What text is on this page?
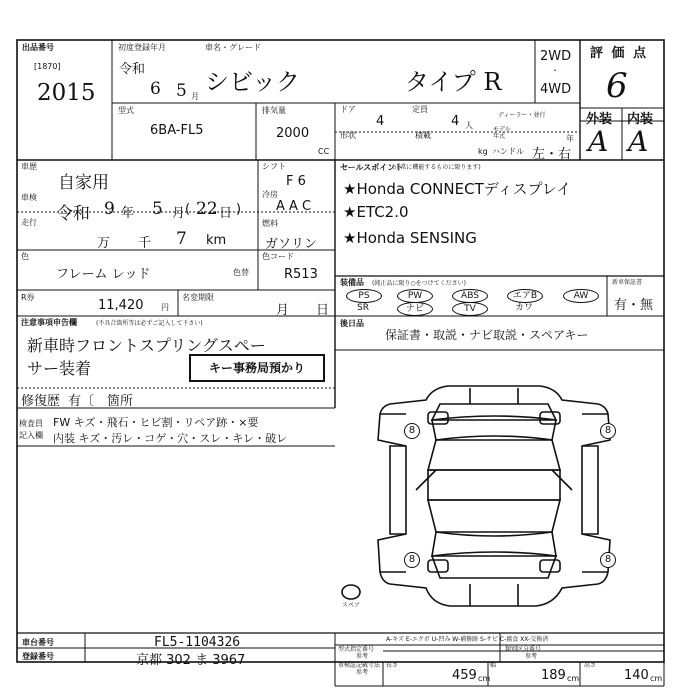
出品番号
[1870]
2015
初度登録年月	車名・グレード
令和
6 5 月
シビック	タイプ R
2WD
・
4WD
評 価 点
6
型式
6BA-FL5
排気量
2000
CC
ドア
4
定員
4 人
ディーラー・並行
形状	積載
kg
モデル年式	年
ハンドル 左・右
外装 内装
A A
車歴
自家用
車検
令和 9 年 5 月 ( 22 日 )
走行
万 千 7 km
シフト
F 6
冷房
A A C
燃料
ガソリン
色
フレーム レッド	色替
色コード
R513
R券
11,420 円
名変期限
月 日
注意事項申告欄	(不具合箇所等は必ずご記入して下さい)
新車時フロントスプリングスペー
サー装着	キー事務局預かり
修復歴 有〔 箇所
検査員
記入欄
FW キズ・飛石・ヒビ割・リペア跡・×要
内装 キズ・汚レ・コゲ・穴・スレ・キレ・破レ
セールスポイント
(正常に機能するものに限ります)
★Honda CONNECTディスプレイ
★ETC2.0
★Honda SENSING
装備品 (純正品に限り○をつけてください)
PS	PW	ABS	エアB	AW
SR	ナビ	TV	カワ
新車保証書
有・無
後日品
保証書・取説・ナビ取説・スペアキー
8	8
8	8
スペア
A-キズ E-エクボ U-凹み W-補修跡 S-サビ C-腐食 XX-交換済
車台番号	FL5-1104326
登録番号	京都 302 ま 3967
型式指定番号
参考
類別区分番号
参考
車検証記載寸法
参考
長さ
459 cm
幅
189 cm
高さ
140 cm
